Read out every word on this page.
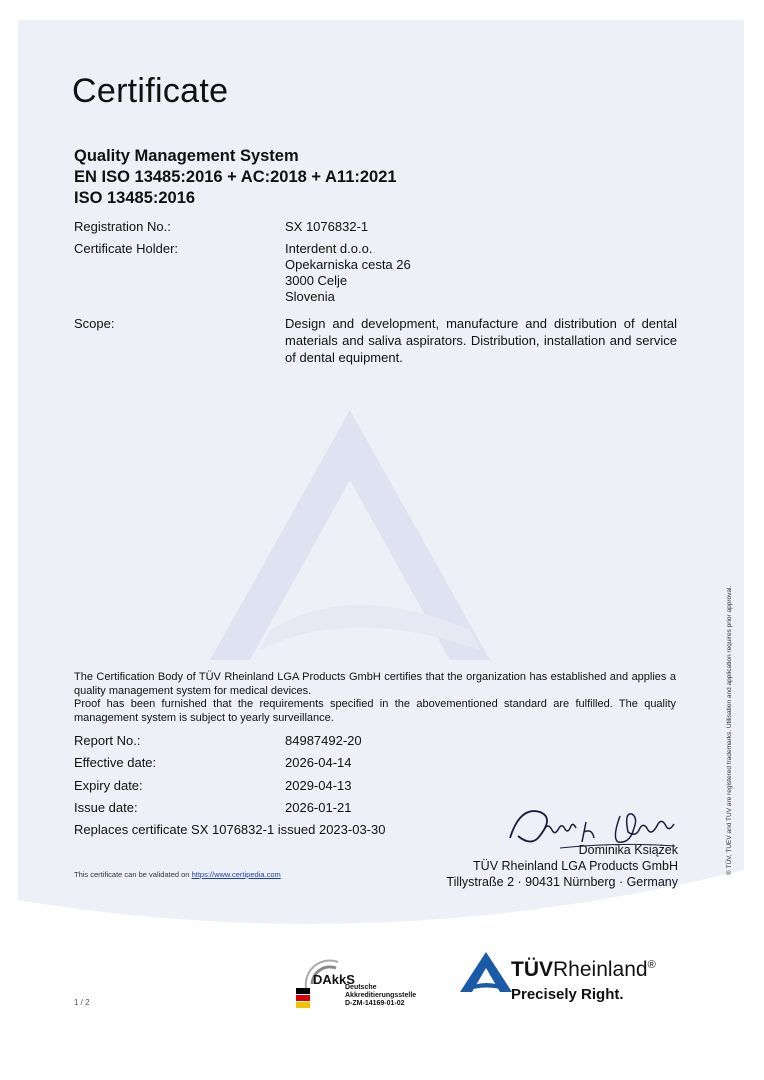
Certificate
Quality Management System
EN ISO 13485:2016 + AC:2018 + A11:2021
ISO 13485:2016
Registration No.:	SX 1076832-1
Certificate Holder:	Interdent d.o.o.
Opekarniska cesta 26
3000 Celje
Slovenia
Scope:	Design and development, manufacture and distribution of dental materials and saliva aspirators. Distribution, installation and service of dental equipment.

The Certification Body of TÜV Rheinland LGA Products GmbH certifies that the organization has established and applies a quality management system for medical devices.

Proof has been furnished that the requirements specified in the abovementioned standard are fulfilled. The quality management system is subject to yearly surveillance.

Report No.:	84987492-20
Effective date:	2026-04-14
Expiry date:	2029-04-13
Issue date:	2026-01-21
Replaces certificate SX 1076832-1 issued 2023-03-30
This certificate can be validated on https://www.certipedia.com
Dominika Książek
TÜV Rheinland LGA Products GmbH
Tillystraße 2 · 90431 Nürnberg · Germany
® TÜV, TUEV and TUV are registered trademarks. Utilisation and application requires prior approval.
1 / 2
DAkkS
Deutsche
Akkreditierungsstelle
D-ZM-14169-01-02
TÜVRheinland®
Precisely Right.
